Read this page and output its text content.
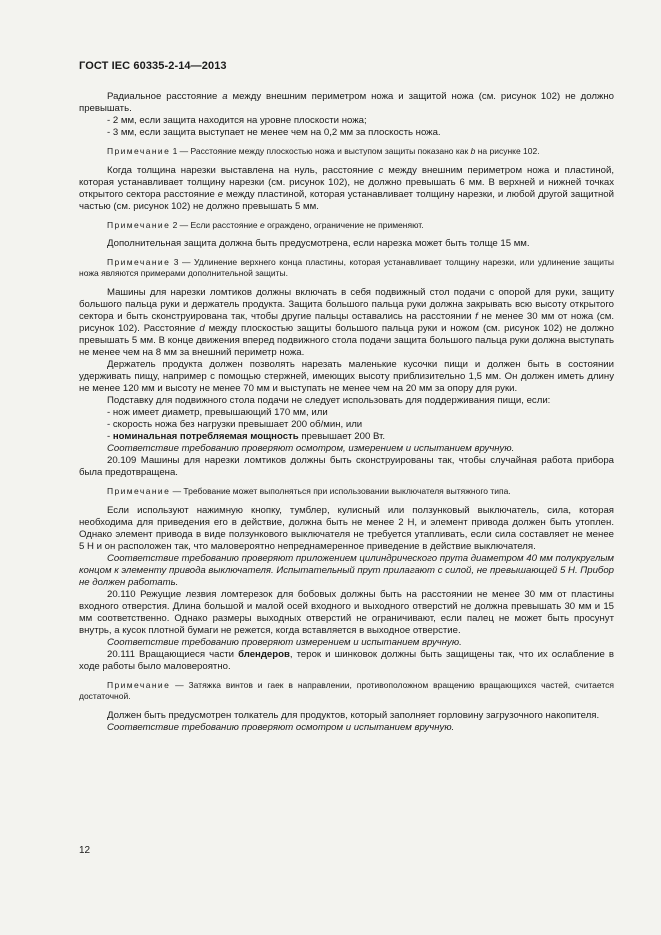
ГОСТ IEC 60335-2-14—2013

Радиальное расстояние a между внешним периметром ножа и защитой ножа (см. рисунок 102) не должно превышать.

- 2 мм, если защита находится на уровне плоскости ножа;

- 3 мм, если защита выступает не менее чем на 0,2 мм за плоскость ножа.

Примечание 1 — Расстояние между плоскостью ножа и выступом защиты показано как b на рисунке 102.

Когда толщина нарезки выставлена на нуль, расстояние c между внешним периметром ножа и пластиной, которая устанавливает толщину нарезки (см. рисунок 102), не должно превышать 6 мм. В верхней и нижней точках открытого сектора расстояние e между пластиной, которая устанавливает толщину нарезки, и любой другой защитной частью (см. рисунок 102) не должно превышать 5 мм.

Примечание 2 — Если расстояние e ограждено, ограничение не применяют.

Дополнительная защита должна быть предусмотрена, если нарезка может быть толще 15 мм.

Примечание 3 — Удлинение верхнего конца пластины, которая устанавливает толщину нарезки, или удлинение защиты ножа являются примерами дополнительной защиты.

Машины для нарезки ломтиков должны включать в себя подвижный стол подачи с опорой для руки, защиту большого пальца руки и держатель продукта. Защита большого пальца руки должна закрывать всю высоту открытого сектора и быть сконструирована так, чтобы другие пальцы оставались на расстоянии f не менее 30 мм от ножа (см. рисунок 102). Расстояние d между плоскостью защиты большого пальца руки и ножом (см. рисунок 102) не должно превышать 5 мм. В конце движения вперед подвижного стола подачи защита большого пальца руки должна выступать не менее чем на 8 мм за внешний периметр ножа.

Держатель продукта должен позволять нарезать маленькие кусочки пищи и должен быть в состоянии удерживать пищу, например с помощью стержней, имеющих высоту приблизительно 1,5 мм. Он должен иметь длину не менее 120 мм и высоту не менее 70 мм и выступать не менее чем на 20 мм за опору для руки.

Подставку для подвижного стола подачи не следует использовать для поддерживания пищи, если:

- нож имеет диаметр, превышающий 170 мм, или

- скорость ножа без нагрузки превышает 200 об/мин, или

- номинальная потребляемая мощность превышает 200 Вт.

Соответствие требованию проверяют осмотром, измерением и испытанием вручную.

20.109 Машины для нарезки ломтиков должны быть сконструированы так, чтобы случайная работа прибора была предотвращена.

Примечание — Требование может выполняться при использовании выключателя вытяжного типа.

Если используют нажимную кнопку, тумблер, кулисный или ползунковый выключатель, сила, которая необходима для приведения его в действие, должна быть не менее 2 Н, и элемент привода должен быть утоплен. Однако элемент привода в виде ползункового выключателя не требуется утапливать, если сила составляет не менее 5 Н и он расположен так, что маловероятно непреднамеренное приведение в действие выключателя.

Соответствие требованию проверяют приложением цилиндрического прута диаметром 40 мм полукруглым концом к элементу привода выключателя. Испытательный прут прилагают с силой, не превышающей 5 Н. Прибор не должен работать.

20.110 Режущие лезвия ломтерезок для бобовых должны быть на расстоянии не менее 30 мм от пластины входного отверстия. Длина большой и малой осей входного и выходного отверстий не должна превышать 30 мм и 15 мм соответственно. Однако размеры выходных отверстий не ограничивают, если палец не может быть просунут внутрь, а кусок плотной бумаги не режется, когда вставляется в выходное отверстие.

Соответствие требованию проверяют измерением и испытанием вручную.

20.111 Вращающиеся части блендеров, терок и шинковок должны быть защищены так, что их ослабление в ходе работы было маловероятно.

Примечание — Затяжка винтов и гаек в направлении, противоположном вращению вращающихся частей, считается достаточной.

Должен быть предусмотрен толкатель для продуктов, который заполняет горловину загрузочного накопителя.

Соответствие требованию проверяют осмотром и испытанием вручную.

12
